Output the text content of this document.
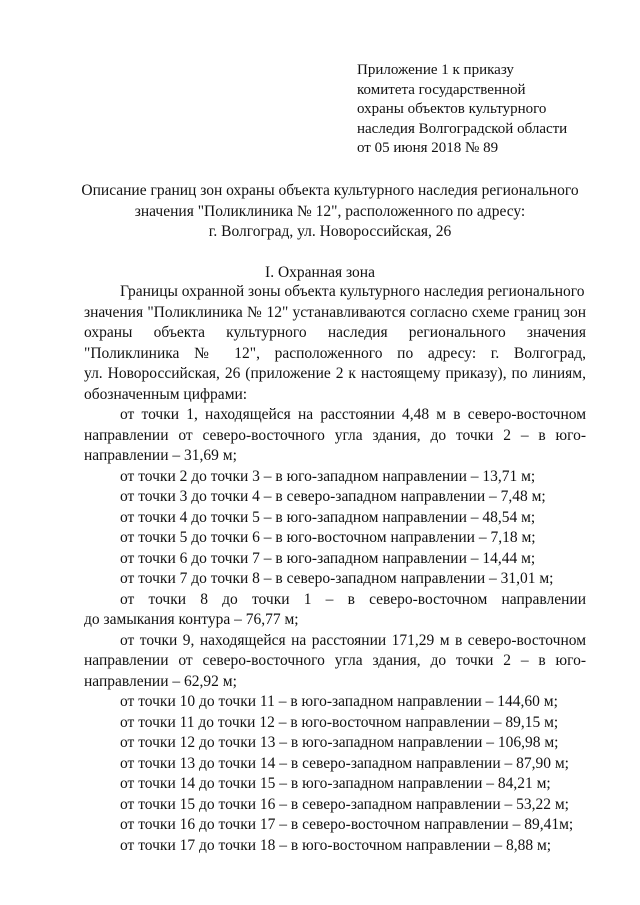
Приложение 1 к приказу
комитета государственной
охраны объектов культурного
наследия Волгоградской области
от 05 июня 2018 № 89
Описание границ зон охраны объекта культурного наследия регионального
значения "Поликлиника № 12", расположенного по адресу:
г. Волгоград, ул. Новороссийская, 26
I. Охранная зона
Границы охранной зоны объекта культурного наследия регионального
значения "Поликлиника № 12" устанавливаются согласно схеме границ зон
охраны объекта культурного наследия регионального значения
"Поликлиника № 12", расположенного по адресу: г. Волгоград,
ул. Новороссийская, 26 (приложение 2 к настоящему приказу), по линиям,
обозначенным цифрами:
от точки 1, находящейся на расстоянии 4,48 м в северо-восточном
направлении от северо-восточного угла здания, до точки 2 – в юго-
направлении – 31,69 м;
от точки 2 до точки 3 – в юго-западном направлении – 13,71 м;
от точки 3 до точки 4 – в северо-западном направлении – 7,48 м;
от точки 4 до точки 5 – в юго-западном направлении – 48,54 м;
от точки 5 до точки 6 – в юго-восточном направлении – 7,18 м;
от точки 6 до точки 7 – в юго-западном направлении – 14,44 м;
от точки 7 до точки 8 – в северо-западном направлении – 31,01 м;
от точки 8 до точки 1 – в северо-восточном направлении
до замыкания контура – 76,77 м;
от точки 9, находящейся на расстоянии 171,29 м в северо-восточном
направлении от северо-восточного угла здания, до точки 2 – в юго-
направлении – 62,92 м;
от точки 10 до точки 11 – в юго-западном направлении – 144,60 м;
от точки 11 до точки 12 – в юго-восточном направлении – 89,15 м;
от точки 12 до точки 13 – в юго-западном направлении – 106,98 м;
от точки 13 до точки 14 – в северо-западном направлении – 87,90 м;
от точки 14 до точки 15 – в юго-западном направлении – 84,21 м;
от точки 15 до точки 16 – в северо-западном направлении – 53,22 м;
от точки 16 до точки 17 – в северо-восточном направлении – 89,41м;
от точки 17 до точки 18 – в юго-восточном направлении – 8,88 м;
